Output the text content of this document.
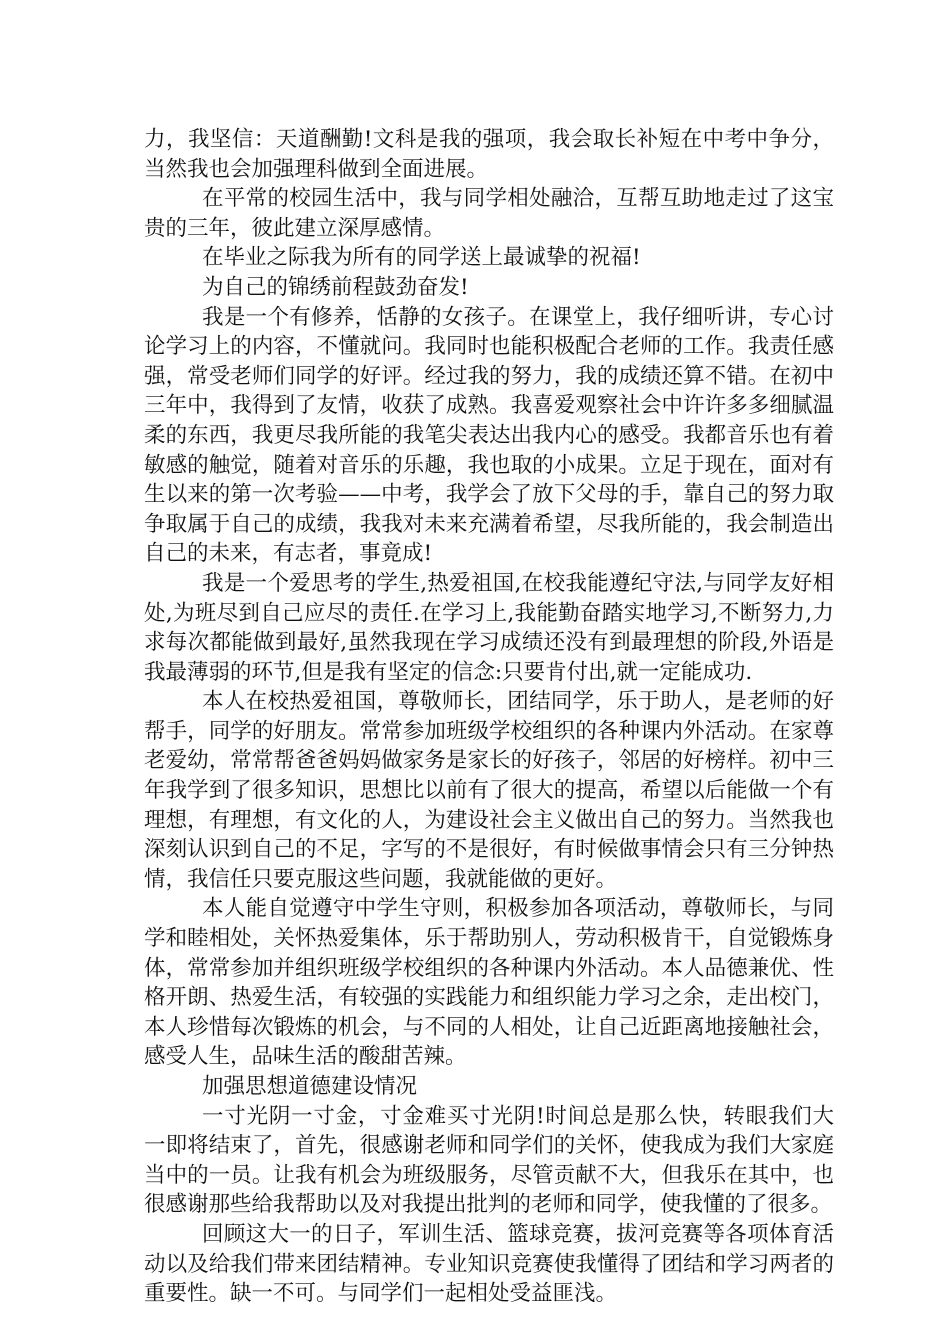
力，我坚信：天道酬勤!文科是我的强项，我会取长补短在中考中争分，当然我也会加强理科做到全面进展。

在平常的校园生活中，我与同学相处融洽，互帮互助地走过了这宝贵的三年，彼此建立深厚感情。

在毕业之际我为所有的同学送上最诚挚的祝福!

为自己的锦绣前程鼓劲奋发!

我是一个有修养，恬静的女孩子。在课堂上，我仔细听讲，专心讨论学习上的内容，不懂就问。我同时也能积极配合老师的工作。我责任感强，常受老师们同学的好评。经过我的努力，我的成绩还算不错。在初中三年中，我得到了友情，收获了成熟。我喜爱观察社会中许许多多细腻温柔的东西，我更尽我所能的我笔尖表达出我内心的感受。我都音乐也有着敏感的触觉，随着对音乐的乐趣，我也取的小成果。立足于现在，面对有生以来的第一次考验——中考，我学会了放下父母的手，靠自己的努力取争取属于自己的成绩，我我对未来充满着希望，尽我所能的，我会制造出自己的未来，有志者，事竟成!

我是一个爱思考的学生,热爱祖国,在校我能遵纪守法,与同学友好相处,为班尽到自己应尽的责任.在学习上,我能勤奋踏实地学习,不断努力,力求每次都能做到最好,虽然我现在学习成绩还没有到最理想的阶段,外语是我最薄弱的环节,但是我有坚定的信念:只要肯付出,就一定能成功.

本人在校热爱祖国，尊敬师长，团结同学，乐于助人，是老师的好帮手，同学的好朋友。常常参加班级学校组织的各种课内外活动。在家尊老爱幼，常常帮爸爸妈妈做家务是家长的好孩子，邻居的好榜样。初中三年我学到了很多知识，思想比以前有了很大的提高，希望以后能做一个有理想，有理想，有文化的人，为建设社会主义做出自己的努力。当然我也深刻认识到自己的不足，字写的不是很好，有时候做事情会只有三分钟热情，我信任只要克服这些问题，我就能做的更好。

本人能自觉遵守中学生守则，积极参加各项活动，尊敬师长，与同学和睦相处，关怀热爱集体，乐于帮助别人，劳动积极肯干，自觉锻炼身体，常常参加并组织班级学校组织的各种课内外活动。本人品德兼优、性格开朗、热爱生活，有较强的实践能力和组织能力学习之余，走出校门，本人珍惜每次锻炼的机会，与不同的人相处，让自己近距离地接触社会，感受人生，品味生活的酸甜苦辣。

加强思想道德建设情况

一寸光阴一寸金，寸金难买寸光阴!时间总是那么快，转眼我们大一即将结束了，首先，很感谢老师和同学们的关怀，使我成为我们大家庭当中的一员。让我有机会为班级服务，尽管贡献不大，但我乐在其中，也很感谢那些给我帮助以及对我提出批判的老师和同学，使我懂的了很多。

回顾这大一的日子，军训生活、篮球竞赛，拔河竞赛等各项体育活动以及给我们带来团结精神。专业知识竞赛使我懂得了团结和学习两者的重要性。缺一不可。与同学们一起相处受益匪浅。
